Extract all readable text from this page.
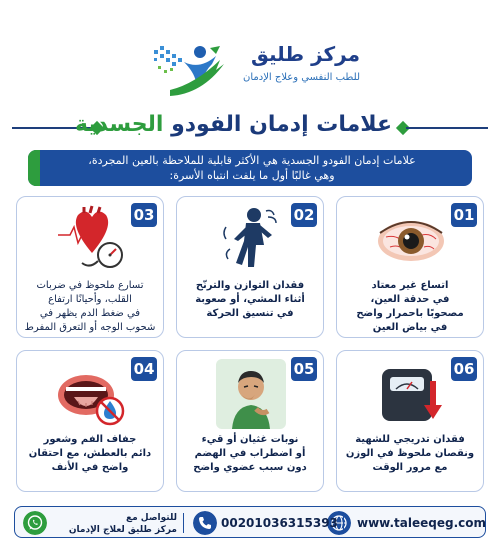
مركز طليق
للطب النفسي وعلاج الإدمان
علامات إدمان الفودو الجسدية
علامات إدمان الفودو الجسدية هي الأكثر قابلية للملاحظة بالعين المجردة،
وهي غالبًا أول ما يلفت انتباه الأسرة:
01
اتساع غير معتاد
في حدقة العين،
مصحوبًا باحمرار واضح
في بياض العين
02
فقدان التوازن والترنّح
أثناء المشي، أو صعوبة
في تنسيق الحركة
03
تسارع ملحوظ في ضربات
القلب، وأحيانًا ارتفاع
في ضغط الدم يظهر في
شحوب الوجه أو التعرق المفرط
06
فقدان تدريجي للشهية
ونقصان ملحوظ في الوزن
مع مرور الوقت
05
نوبات غثيان أو قيء
أو اضطراب في الهضم
دون سبب عضوي واضح
04
جفاف الفم وشعور
دائم بالعطش، مع احتقان
واضح في الأنف
www.taleeqeg.com
00201036315393
للتواصل مع
مركز طليق لعلاج الإدمان
